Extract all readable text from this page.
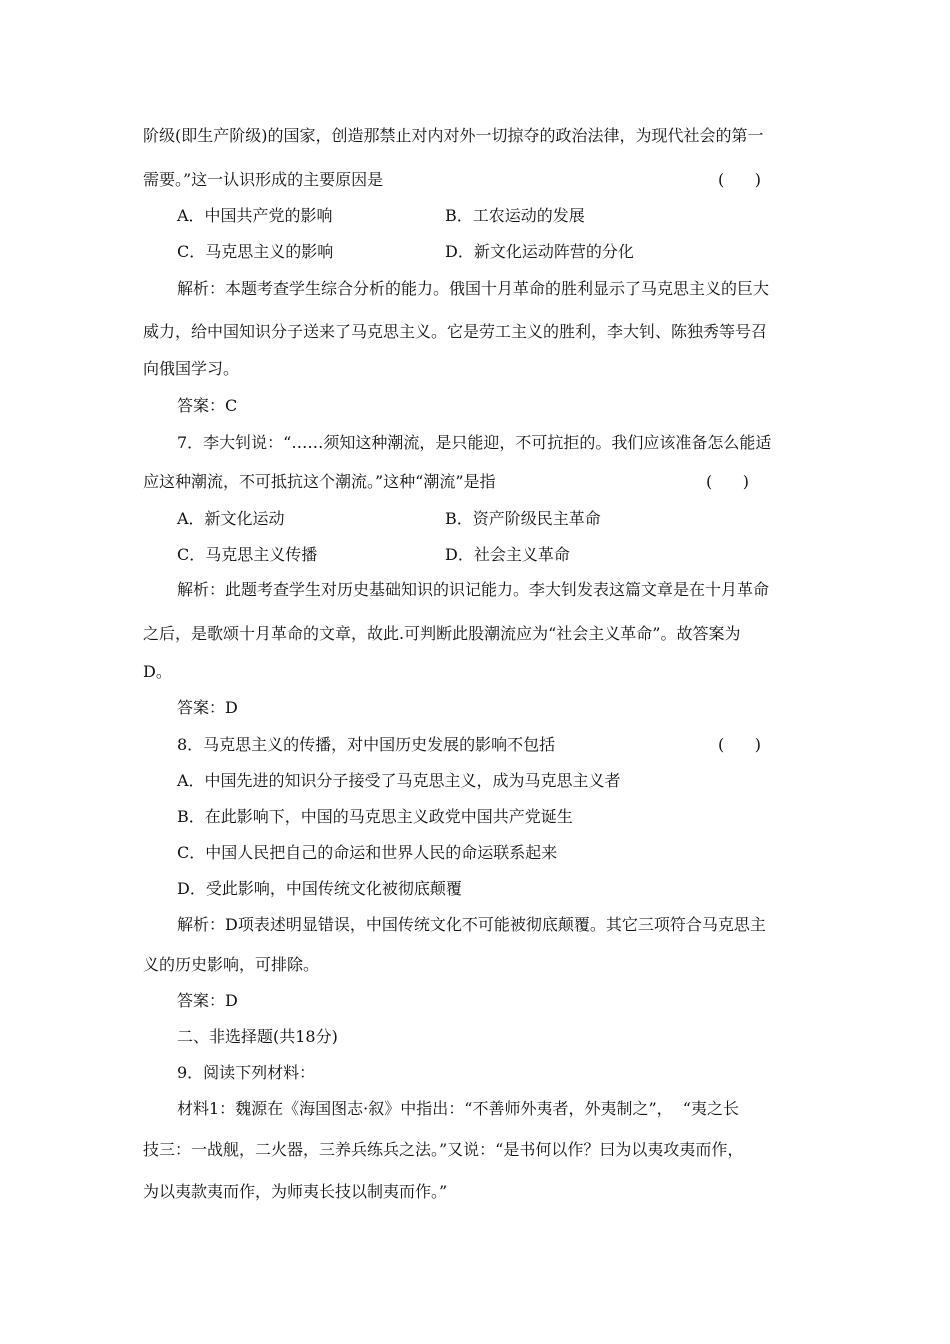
阶级(即生产阶级)的国家，创造那禁止对内对外一切掠夺的政治法律，为现代社会的第一
需要。”这一认识形成的主要原因是	(      )
A．中国共产党的影响	B．工农运动的发展
C．马克思主义的影响	D．新文化运动阵营的分化
解析：本题考查学生综合分析的能力。俄国十月革命的胜利显示了马克思主义的巨大
威力，给中国知识分子送来了马克思主义。它是劳工主义的胜利，李大钊、陈独秀等号召
向俄国学习。
答案：C
7．李大钊说：“……须知这种潮流，是只能迎，不可抗拒的。我们应该准备怎么能适
应这种潮流，不可抵抗这个潮流。”这种“潮流”是指	(      )
A．新文化运动	B．资产阶级民主革命
C．马克思主义传播	D．社会主义革命
解析：此题考查学生对历史基础知识的识记能力。李大钊发表这篇文章是在十月革命
之后，是歌颂十月革命的文章，故此.可判断此股潮流应为“社会主义革命”。故答案为
D。
答案：D
8．马克思主义的传播，对中国历史发展的影响不包括	(      )
A．中国先进的知识分子接受了马克思主义，成为马克思主义者
B．在此影响下，中国的马克思主义政党中国共产党诞生
C．中国人民把自己的命运和世界人民的命运联系起来
D．受此影响，中国传统文化被彻底颠覆
解析：D项表述明显错误，中国传统文化不可能被彻底颠覆。其它三项符合马克思主
义的历史影响，可排除。
答案：D
二、非选择题(共18分)
9．阅读下列材料：
材料1：魏源在《海国图志·叙》中指出：“不善师外夷者，外夷制之”，  “夷之长
技三：一战舰，二火器，三养兵练兵之法。”又说：“是书何以作？曰为以夷攻夷而作，
为以夷款夷而作，为师夷长技以制夷而作。”
